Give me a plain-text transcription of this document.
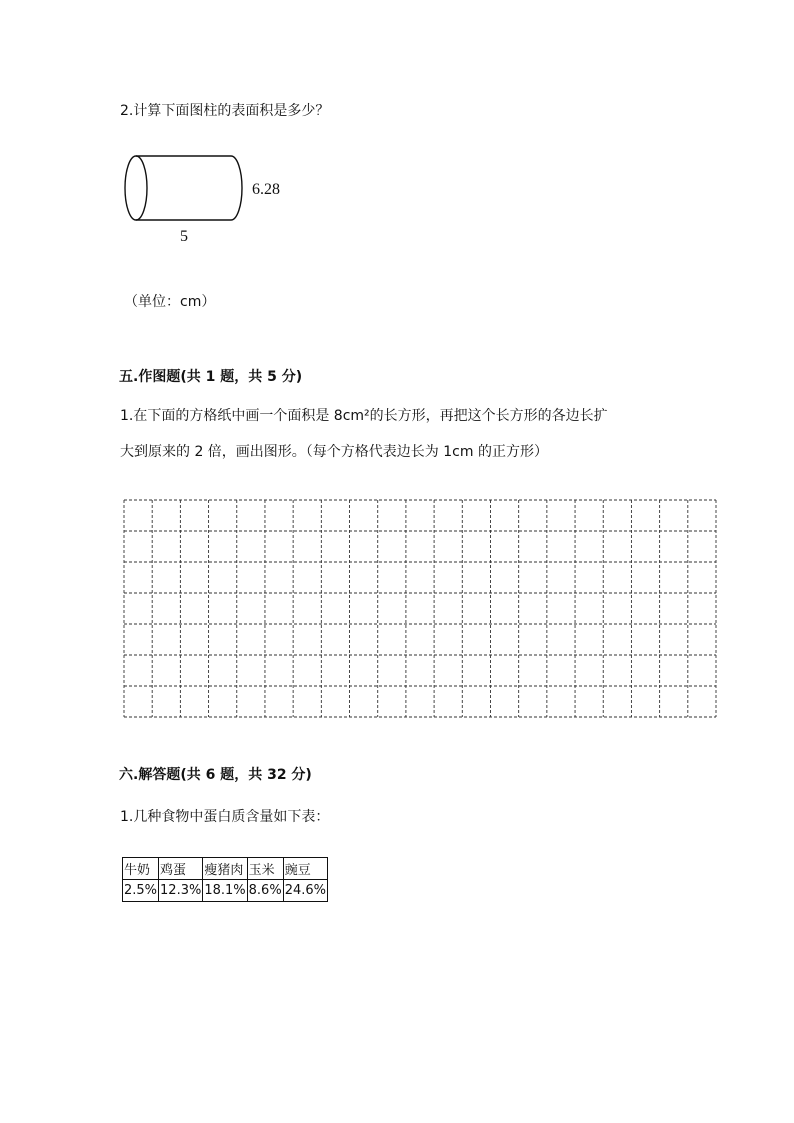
2.计算下面图柱的表面积是多少？
6.28
5
（单位：cm）
五.作图题(共 1 题，共 5 分)
1.在下面的方格纸中画一个面积是 8cm²的长方形，再把这个长方形的各边长扩
大到原来的 2 倍，画出图形。（每个方格代表边长为 1cm 的正方形）
六.解答题(共 6 题，共 32 分)
1.几种食物中蛋白质含量如下表：
牛奶	鸡蛋	瘦猪肉	玉米	豌豆
2.5%	12.3%	18.1%	8.6%	24.6%
